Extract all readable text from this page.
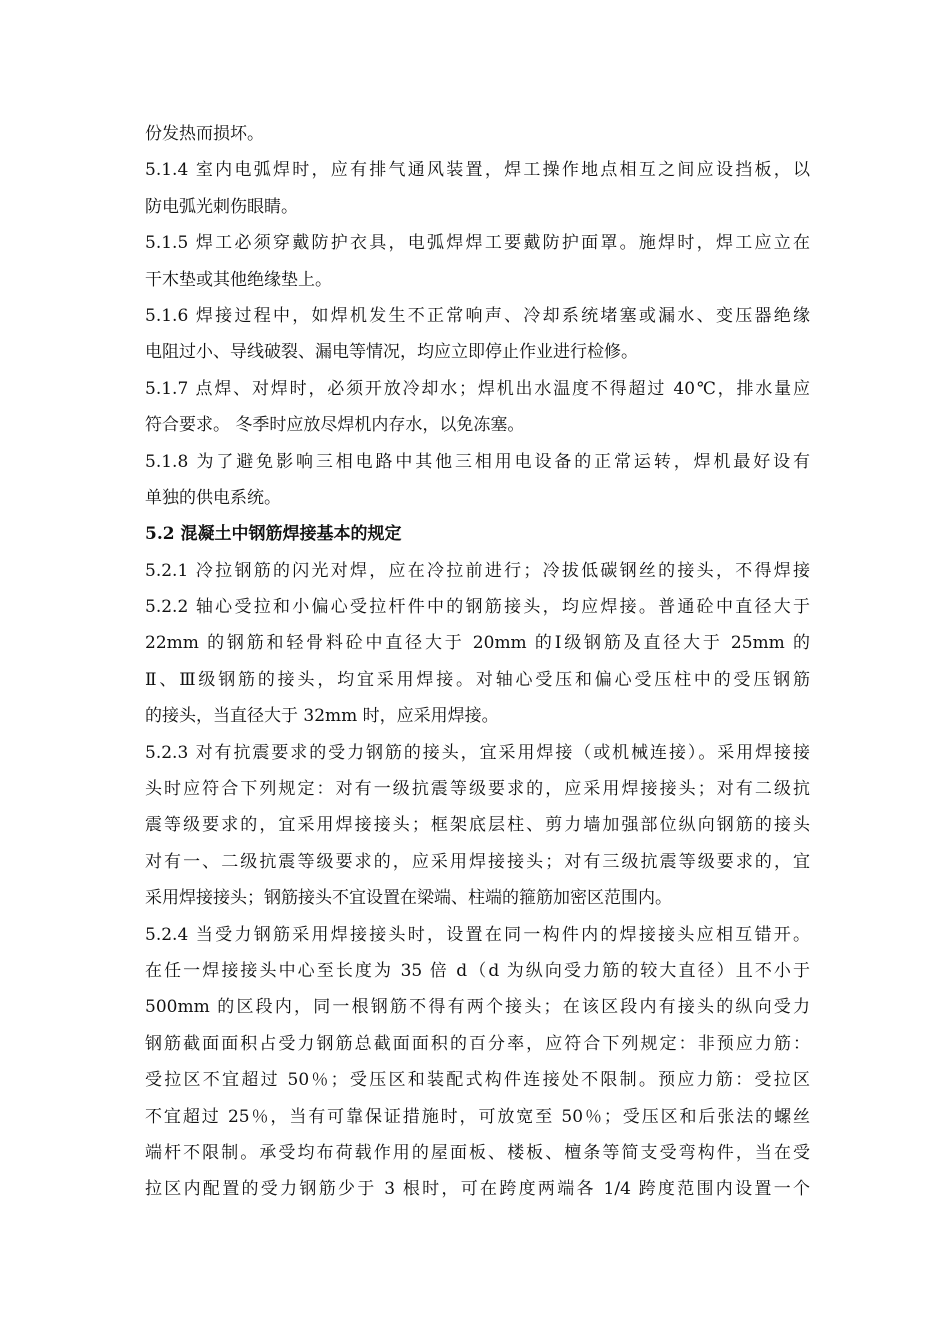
份发热而损坏。
5.1.4 室内电弧焊时，应有排气通风装置，焊工操作地点相互之间应设挡板，以
防电弧光刺伤眼睛。
5.1.5 焊工必须穿戴防护衣具，电弧焊焊工要戴防护面罩。施焊时，焊工应立在
干木垫或其他绝缘垫上。
5.1.6 焊接过程中，如焊机发生不正常响声、冷却系统堵塞或漏水、变压器绝缘
电阻过小、导线破裂、漏电等情况，均应立即停止作业进行检修。
5.1.7 点焊、对焊时，必须开放冷却水；焊机出水温度不得超过 40℃，排水量应
符合要求。 冬季时应放尽焊机内存水，以免冻塞。
5.1.8 为了避免影响三相电路中其他三相用电设备的正常运转，焊机最好设有
单独的供电系统。
5.2 混凝土中钢筋焊接基本的规定
5.2.1 冷拉钢筋的闪光对焊，应在冷拉前进行；冷拔低碳钢丝的接头，不得焊接
5.2.2 轴心受拉和小偏心受拉杆件中的钢筋接头，均应焊接。普通砼中直径大于
22mm 的钢筋和轻骨料砼中直径大于 20mm 的Ⅰ级钢筋及直径大于 25mm 的
Ⅱ、Ⅲ级钢筋的接头，均宜采用焊接。对轴心受压和偏心受压柱中的受压钢筋
的接头，当直径大于 32mm 时，应采用焊接。
5.2.3 对有抗震要求的受力钢筋的接头，宜采用焊接（或机械连接）。采用焊接接
头时应符合下列规定：对有一级抗震等级要求的，应采用焊接接头；对有二级抗
震等级要求的，宜采用焊接接头；框架底层柱、剪力墙加强部位纵向钢筋的接头
对有一、二级抗震等级要求的，应采用焊接接头；对有三级抗震等级要求的，宜
采用焊接接头；钢筋接头不宜设置在梁端、柱端的箍筋加密区范围内。
5.2.4 当受力钢筋采用焊接接头时，设置在同一构件内的焊接接头应相互错开。
在任一焊接接头中心至长度为 35 倍 d（d 为纵向受力筋的较大直径）且不小于
500mm 的区段内，同一根钢筋不得有两个接头；在该区段内有接头的纵向受力
钢筋截面面积占受力钢筋总截面面积的百分率，应符合下列规定：非预应力筋：
受拉区不宜超过 50％；受压区和装配式构件连接处不限制。预应力筋：受拉区
不宜超过 25％，当有可靠保证措施时，可放宽至 50％；受压区和后张法的螺丝
端杆不限制。承受均布荷载作用的屋面板、楼板、檀条等简支受弯构件，当在受
拉区内配置的受力钢筋少于 3 根时，可在跨度两端各 1/4 跨度范围内设置一个
